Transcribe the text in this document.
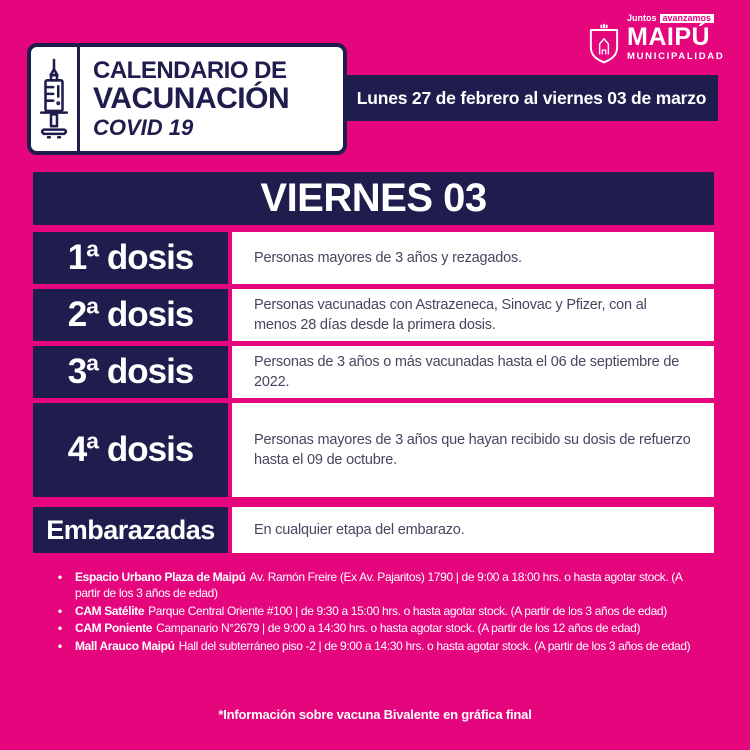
Lunes 27 de febrero al viernes 03 de marzo
CALENDARIO DE
VACUNACIÓN
COVID 19
Juntos avanzamos
MAIPÚ
MUNICIPALIDAD
VIERNES 03
1ª dosis	Personas mayores de 3 años y rezagados.
2ª dosis	Personas vacunadas con Astrazeneca, Sinovac y Pfizer, con al menos 28 días desde la primera dosis.
3ª dosis	Personas de 3 años o más vacunadas hasta el 06 de septiembre de 2022.
4ª dosis	Personas mayores de 3 años que hayan recibido su dosis de refuerzo hasta el 09 de octubre.
Embarazadas	En cualquier etapa del embarazo.
•	Espacio Urbano Plaza de Maipú Av. Ramón Freire (Ex Av. Pajaritos) 1790 | de 9:00 a 18:00 hrs. o hasta agotar stock. (A partir de los 3 años de edad)
•	CAM Satélite Parque Central Oriente #100 | de 9:30 a 15:00 hrs. o hasta agotar stock. (A partir de los 3 años de edad)
•	CAM Poniente Campanario N°2679 | de 9:00 a 14:30 hrs. o hasta agotar stock. (A partir de los 12 años de edad)
•	Mall Arauco Maipú Hall del subterráneo piso -2 | de 9:00 a 14:30 hrs. o hasta agotar stock. (A partir de los 3 años de edad)
*Información sobre vacuna Bivalente en gráfica final
